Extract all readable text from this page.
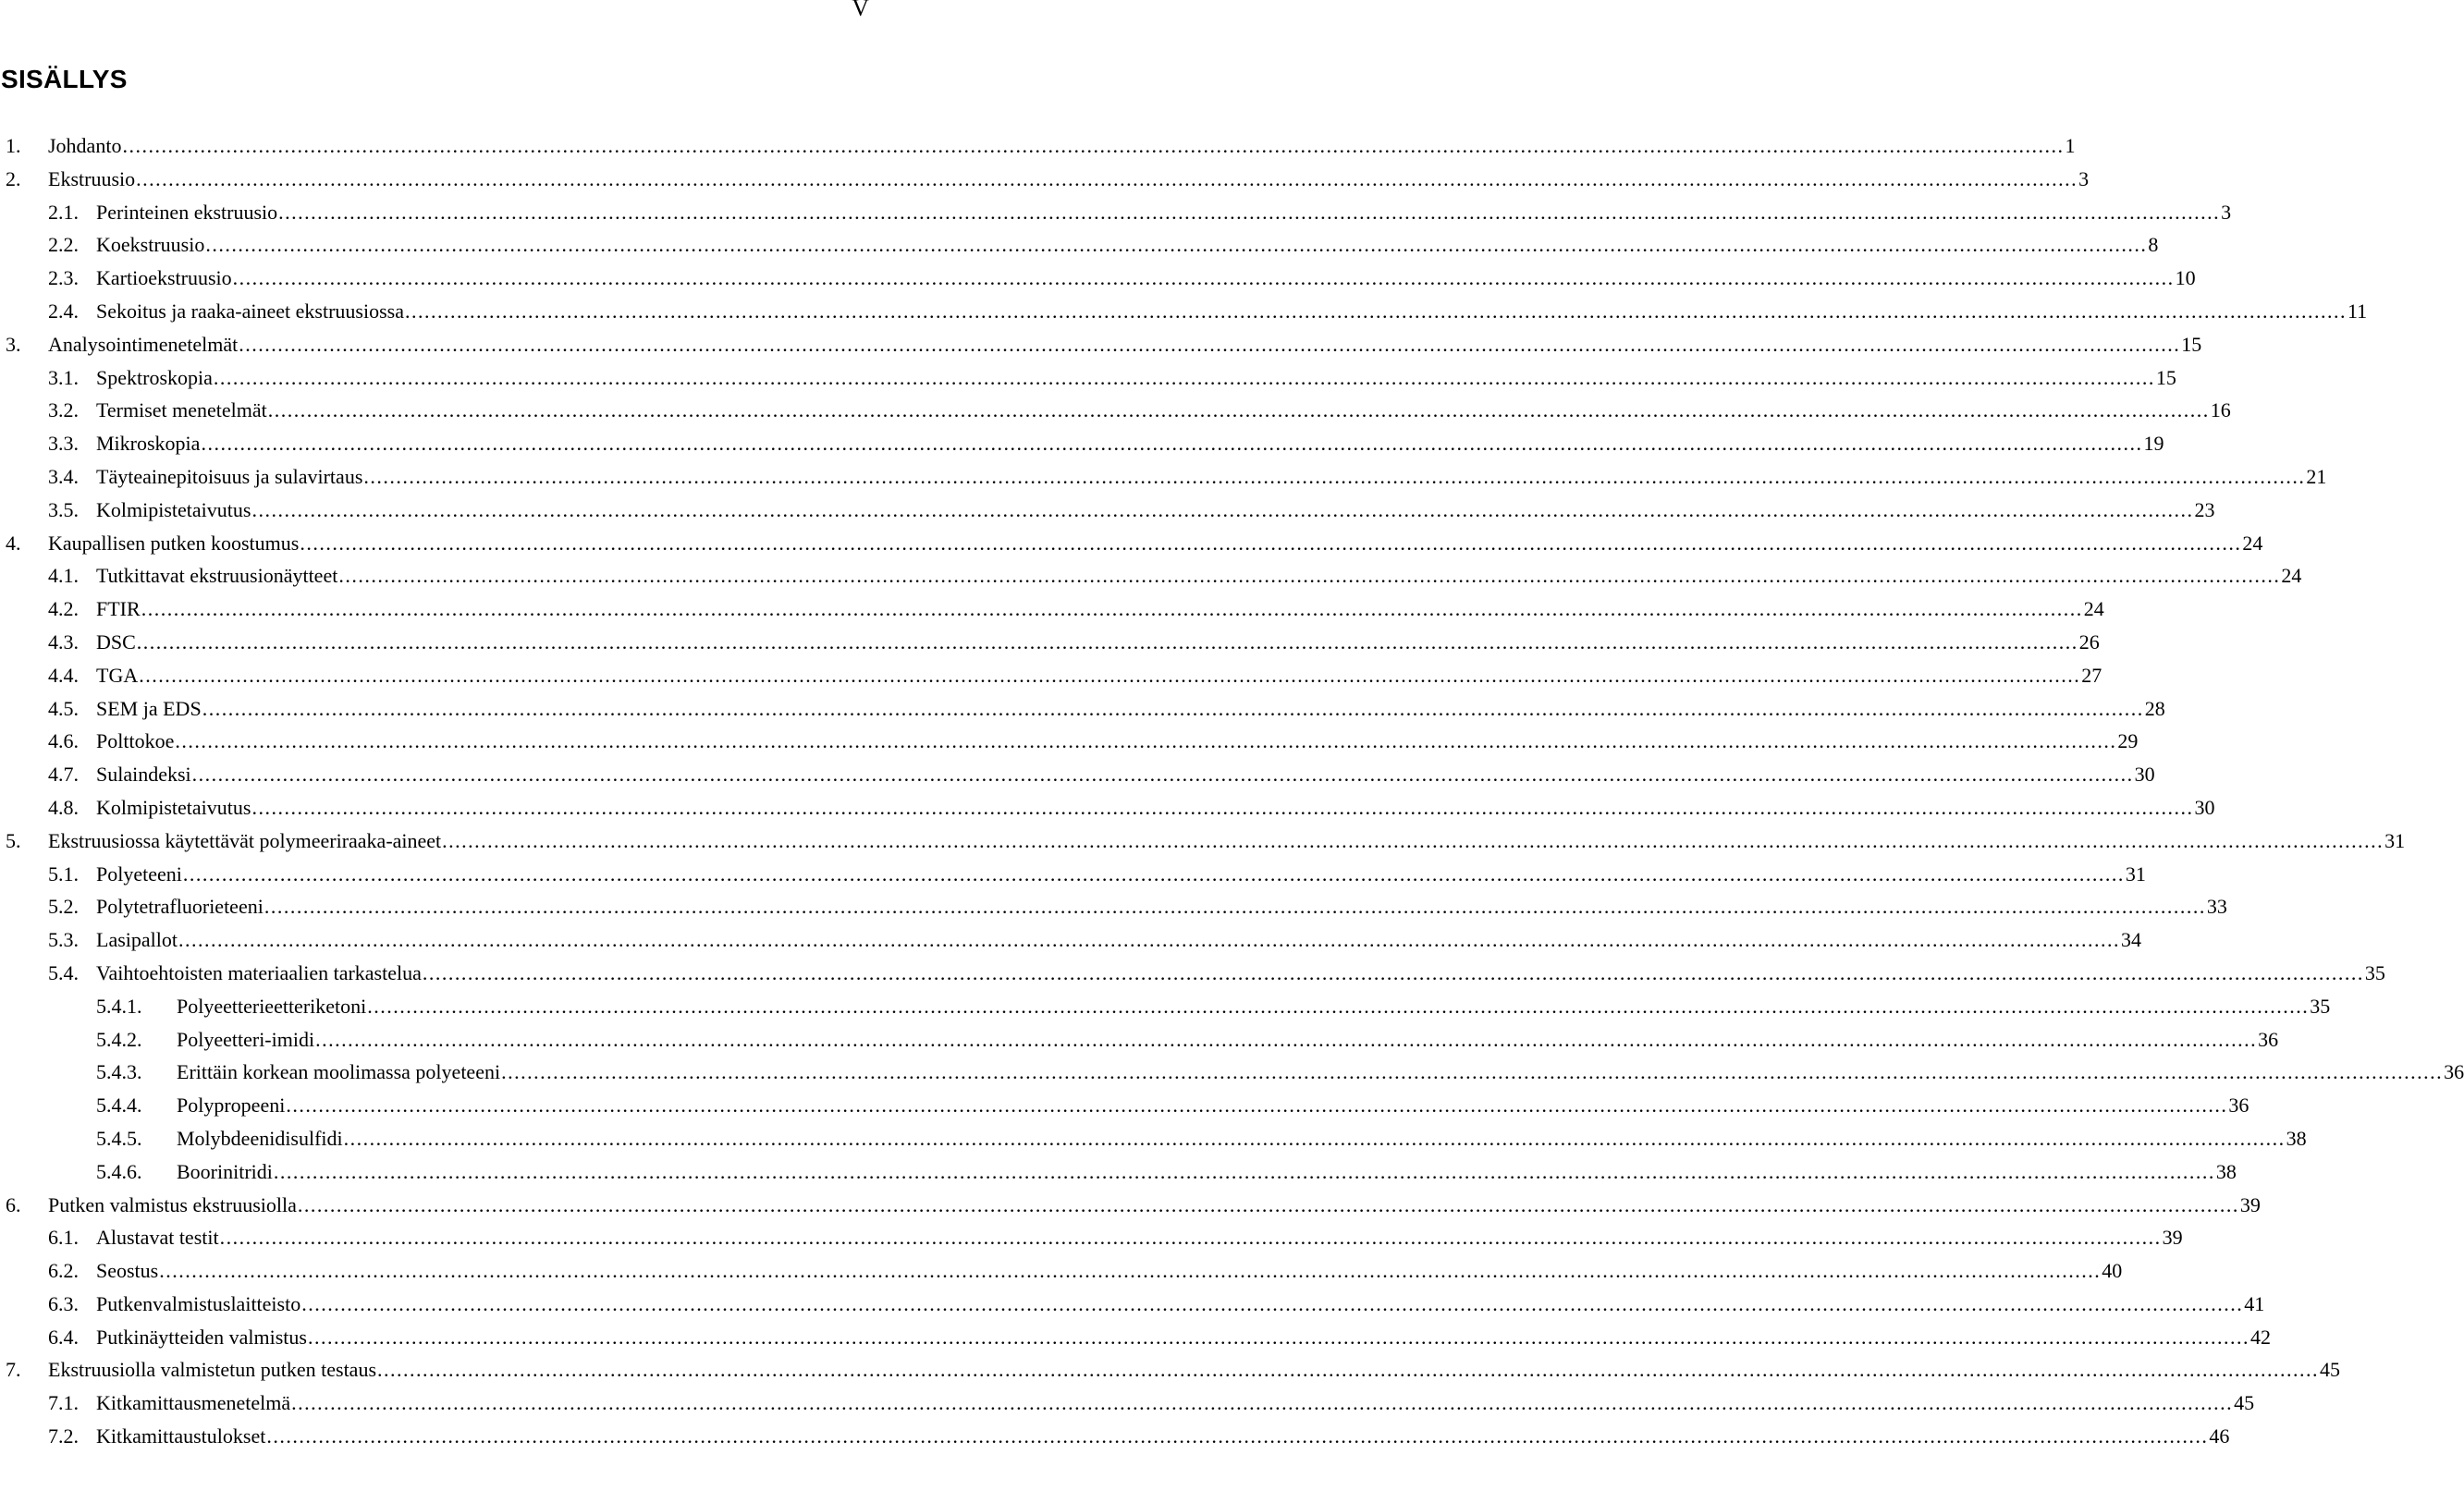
V
SISÄLLYS
1. Johdanto ............................................................................................................................................................................................................................................................................................................ 1
2. Ekstruusio ............................................................................................................................................................................................................................................................................................................ 3
2.1. Perinteinen ekstruusio ............................................................................................................................................................................................................................................................................................................ 3
2.2. Koekstruusio ............................................................................................................................................................................................................................................................................................................ 8
2.3. Kartioekstruusio ............................................................................................................................................................................................................................................................................................................ 10
2.4. Sekoitus ja raaka-aineet ekstruusiossa ............................................................................................................................................................................................................................................................................................................ 11
3. Analysointimenetelmät ............................................................................................................................................................................................................................................................................................................ 15
3.1. Spektroskopia ............................................................................................................................................................................................................................................................................................................ 15
3.2. Termiset menetelmät ............................................................................................................................................................................................................................................................................................................ 16
3.3. Mikroskopia ............................................................................................................................................................................................................................................................................................................ 19
3.4. Täyteainepitoisuus ja sulavirtaus ............................................................................................................................................................................................................................................................................................................ 21
3.5. Kolmipistetaivutus ............................................................................................................................................................................................................................................................................................................ 23
4. Kaupallisen putken koostumus ............................................................................................................................................................................................................................................................................................................ 24
4.1. Tutkittavat ekstruusionäytteet ............................................................................................................................................................................................................................................................................................................ 24
4.2. FTIR ............................................................................................................................................................................................................................................................................................................ 24
4.3. DSC ............................................................................................................................................................................................................................................................................................................ 26
4.4. TGA ............................................................................................................................................................................................................................................................................................................ 27
4.5. SEM ja EDS ............................................................................................................................................................................................................................................................................................................ 28
4.6. Polttokoe ............................................................................................................................................................................................................................................................................................................ 29
4.7. Sulaindeksi ............................................................................................................................................................................................................................................................................................................ 30
4.8. Kolmipistetaivutus ............................................................................................................................................................................................................................................................................................................ 30
5. Ekstruusiossa käytettävät polymeeriraaka-aineet ............................................................................................................................................................................................................................................................................................................ 31
5.1. Polyeteeni ............................................................................................................................................................................................................................................................................................................ 31
5.2. Polytetrafluorieteeni ............................................................................................................................................................................................................................................................................................................ 33
5.3. Lasipallot ............................................................................................................................................................................................................................................................................................................ 34
5.4. Vaihtoehtoisten materiaalien tarkastelua ............................................................................................................................................................................................................................................................................................................ 35
5.4.1. Polyeetterieetteriketoni ............................................................................................................................................................................................................................................................................................................ 35
5.4.2. Polyeetteri-imidi ............................................................................................................................................................................................................................................................................................................ 36
5.4.3. Erittäin korkean moolimassa polyeteeni ............................................................................................................................................................................................................................................................................................................ 36
5.4.4. Polypropeeni ............................................................................................................................................................................................................................................................................................................ 36
5.4.5. Molybdeenidisulfidi ............................................................................................................................................................................................................................................................................................................ 38
5.4.6. Boorinitridi ............................................................................................................................................................................................................................................................................................................ 38
6. Putken valmistus ekstruusiolla ............................................................................................................................................................................................................................................................................................................ 39
6.1. Alustavat testit ............................................................................................................................................................................................................................................................................................................ 39
6.2. Seostus ............................................................................................................................................................................................................................................................................................................ 40
6.3. Putkenvalmistuslaitteisto ............................................................................................................................................................................................................................................................................................................ 41
6.4. Putkinäytteiden valmistus ............................................................................................................................................................................................................................................................................................................ 42
7. Ekstruusiolla valmistetun putken testaus ............................................................................................................................................................................................................................................................................................................ 45
7.1. Kitkamittausmenetelmä ............................................................................................................................................................................................................................................................................................................ 45
7.2. Kitkamittaustulokset ............................................................................................................................................................................................................................................................................................................ 46
